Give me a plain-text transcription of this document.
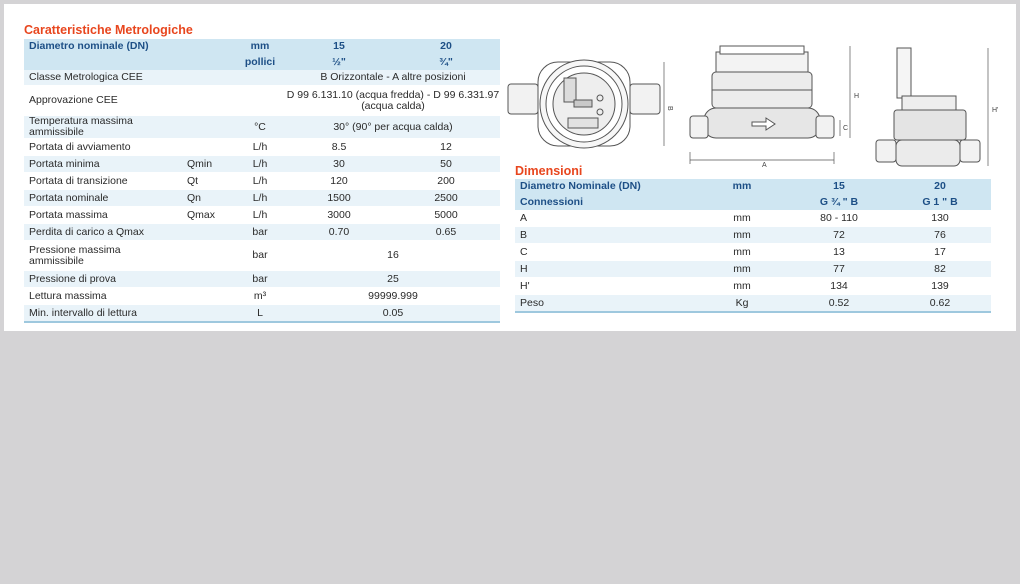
Caratteristiche Metrologiche
Diametro nominale (DN)		mm	15	20
		pollici	½"	¾"
Classe Metrologica CEE			B Orizzontale - A altre posizioni	
Approvazione CEE			D 99 6.131.10 (acqua fredda) - D 99 6.331.97
(acqua calda)	
Temperatura massima ammissibile		°C	30° (90° per acqua calda)	
Portata di avviamento		L/h	8.5	12
Portata minima	Qmin	L/h	30	50
Portata di transizione	Qt	L/h	120	200
Portata nominale	Qn	L/h	1500	2500
Portata massima	Qmax	L/h	3000	5000
Perdita di carico a Qmax		bar	0.70	0.65
Pressione massima
ammissibile		bar	16	
Pressione di prova		bar	25	
Lettura massima		m³	99999.999	
Min. intervallo di lettura		L	0.05	
B
A
C
H
H'
Dimensioni
Diametro Nominale (DN)	mm	15	20
Connessioni		G ¾ " B	G 1 " B
A	mm	80 - 110	130
B	mm	72	76
C	mm	13	17
H	mm	77	82
H'	mm	134	139
Peso	Kg	0.52	0.62
